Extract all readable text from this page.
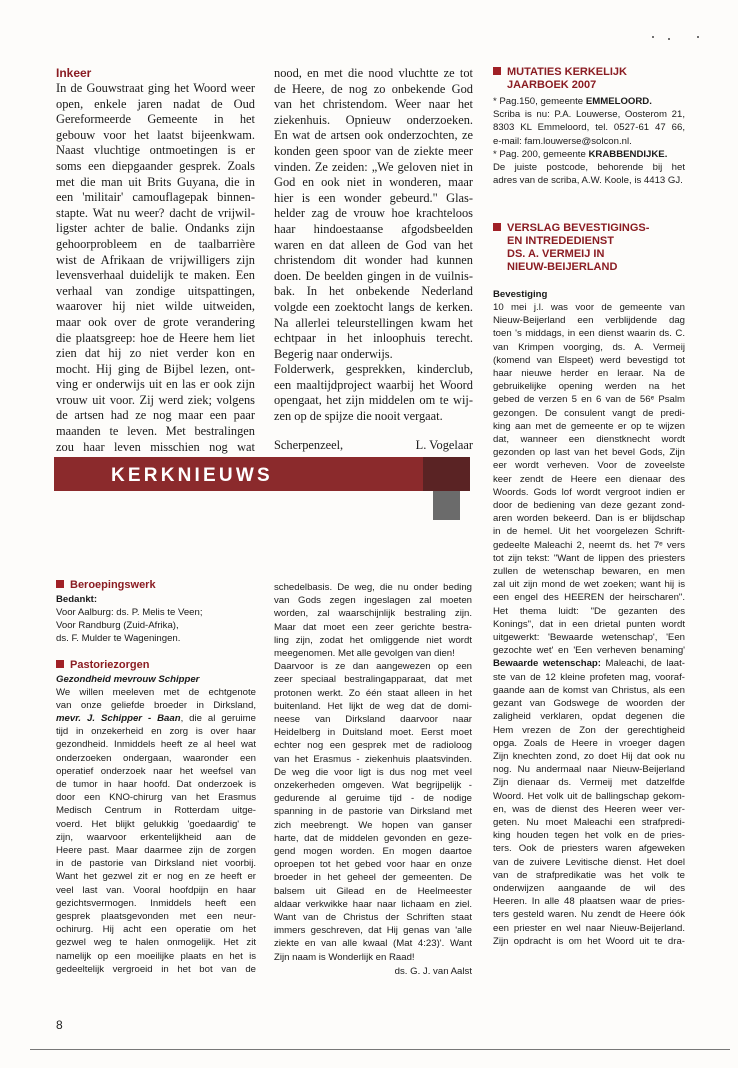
Inkeer
In de Gouwstraat ging het Woord weer
open, enkele jaren nadat de Oud
Gereformeerde Gemeente in het
gebouw voor het laatst bijeenkwam.
Naast vluchtige ontmoetingen is er
soms een diepgaander gesprek. Zoals
met die man uit Brits Guyana, die in
een 'militair' camouflagepak binnen-
stapte. Wat nu weer? dacht de vrijwil-
ligster achter de balie. Ondanks zijn
gehoorprobleem en de taalbarrière
wist de Afrikaan de vrijwilligers zijn
levensverhaal duidelijk te maken. Een
verhaal van zondige uitspattingen,
waarover hij niet wilde uitweiden,
maar ook over de grote verandering
die plaatsgreep: hoe de Heere hem liet
zien dat hij zo niet verder kon en
mocht. Hij ging de Bijbel lezen, ont-
ving er onderwijs uit en las er ook zijn
vrouw uit voor. Zij werd ziek; volgens
de artsen had ze nog maar een paar
maanden te leven. Met bestralingen
zou haar leven misschien nog wat
nood, en met die nood vluchtte ze tot
de Heere, de nog zo onbekende God
van het christendom. Weer naar het
ziekenhuis. Opnieuw onderzoeken.
En wat de artsen ook onderzochten, ze
konden geen spoor van de ziekte meer
vinden. Ze zeiden: „We geloven niet in
God en ook niet in wonderen, maar
hier is een wonder gebeurd." Glas-
helder zag de vrouw hoe krachteloos
haar hindoestaanse afgodsbeelden
waren en dat alleen de God van het
christendom dit wonder had kunnen
doen. De beelden gingen in de vuilnis-
bak. In het onbekende Nederland
volgde een zoektocht langs de kerken.
Na allerlei teleurstellingen kwam het
echtpaar in het inloophuis terecht.
Begerig naar onderwijs.
Folderwerk, gesprekken, kinderclub,
een maaltijdproject waarbij het Woord
opengaat, het zijn middelen om te wij-
zen op de spijze die nooit vergaat.
Scherpenzeel,	L. Vogelaar
MUTATIES KERKELIJK
JAARBOEK 2007
* Pag.150, gemeente EMMELOORD.
Scriba is nu: P.A. Louwerse, Oosterom 21,
8303 KL Emmeloord, tel. 0527-61 47 66,
e-mail: fam.louwerse@solcon.nl.
* Pag. 200, gemeente KRABBENDIJKE.
De juiste postcode, behorende bij het
adres van de scriba, A.W. Koole, is 4413 GJ.
VERSLAG BEVESTIGINGS-
EN INTREDEDIENST
DS. A. VERMEIJ IN
NIEUW-BEIJERLAND
Bevestiging
10 mei j.l. was voor de gemeente van
Nieuw-Beijerland een verblijdende dag
toen 's middags, in een dienst waarin ds. C.
van Krimpen voorging, ds. A. Vermeij
(komend van Elspeet) werd bevestigd tot
haar nieuwe herder en leraar. Na de
gebruikelijke opening werden na het
gebed de verzen 5 en 6 van de 56ᵉ Psalm
gezongen. De consulent vangt de predi-
king aan met de gemeente er op te wijzen
dat, wanneer een dienstknecht wordt
gezonden op last van het bevel Gods, Zijn
eer wordt verheven. Voor de zoveelste
keer zendt de Heere een dienaar des
Woords. Gods lof wordt vergroot indien er
door de bediening van deze gezant zond-
aren worden bekeerd. Dan is er blijdschap
in de hemel. Uit het voorgelezen Schrift-
gedeelte Maleachi 2, neemt ds. het 7ᵉ vers
tot zijn tekst: "Want de lippen des priesters
zullen de wetenschap bewaren, en men
zal uit zijn mond de wet zoeken; want hij is
een engel des HEEREN der heirscharen".
Het thema luidt: "De gezanten des
Konings", dat in een drietal punten wordt
uitgewerkt: 'Bewaarde wetenschap', 'Een
gezochte wet' en 'Een verheven benaming'
Bewaarde wetenschap: Maleachi, de laat-
ste van de 12 kleine profeten mag, vooraf-
gaande aan de komst van Christus, als een
gezant van Godswege de woorden der
zaligheid verklaren, opdat degenen die
Hem vrezen de Zon der gerechtigheid
opga. Zoals de Heere in vroeger dagen
Zijn knechten zond, zo doet Hij dat ook nu
nog. Nu andermaal naar Nieuw-Beijerland
Zijn dienaar ds. Vermeij met datzelfde
Woord. Het volk uit de ballingschap gekom-
en, was de dienst des Heeren weer ver-
geten. Nu moet Maleachi een strafpredi-
king houden tegen het volk en de pries-
ters. Ook de priesters waren afgeweken
van de zuivere Levitische dienst. Het doel
van de strafpredikatie was het volk te
onderwijzen aangaande de wil des
Heeren. In alle 48 plaatsen waar de pries-
ters gesteld waren. Nu zendt de Heere óók
een priester en wel naar Nieuw-Beijerland.
Zijn opdracht is om het Woord uit te dra-
KERKNIEUWS
Beroepingswerk
Bedankt:
Voor Aalburg: ds. P. Melis te Veen;
Voor Randburg (Zuid-Afrika),
ds. F. Mulder te Wageningen.
Pastoriezorgen
Gezondheid mevrouw Schipper
We willen meeleven met de echtgenote
van onze geliefde broeder in Dirksland,
mevr. J. Schipper - Baan, die al geruime
tijd in onzekerheid en zorg is over haar
gezondheid. Inmiddels heeft ze al heel wat
onderzoeken ondergaan, waaronder een
operatief onderzoek naar het weefsel van
de tumor in haar hoofd. Dat onderzoek is
door een KNO-chirurg van het Erasmus
Medisch Centrum in Rotterdam uitge-
voerd. Het blijkt gelukkig 'goedaardig' te
zijn, waarvoor erkentelijkheid aan de
Heere past. Maar daarmee zijn de zorgen
in de pastorie van Dirksland niet voorbij.
Want het gezwel zit er nog en ze heeft er
veel last van. Vooral hoofdpijn en haar
gezichtsvermogen. Inmiddels heeft een
gesprek plaatsgevonden met een neur-
ochirurg. Hij acht een operatie om het
gezwel weg te halen onmogelijk. Het zit
namelijk op een moeilijke plaats en het is
gedeeltelijk vergroeid in het bot van de
schedelbasis. De weg, die nu onder beding
van Gods zegen ingeslagen zal moeten
worden, zal waarschijnlijk bestraling zijn.
Maar dat moet een zeer gerichte bestra-
ling zijn, zodat het omliggende niet wordt
meegenomen. Met alle gevolgen van dien!
Daarvoor is ze dan aangewezen op een
zeer speciaal bestralingapparaat, dat met
protonen werkt. Zo één staat alleen in het
buitenland. Het lijkt de weg dat de domi-
neese van Dirksland daarvoor naar
Heidelberg in Duitsland moet. Eerst moet
echter nog een gesprek met de radioloog
van het Erasmus - ziekenhuis plaatsvinden.
De weg die voor ligt is dus nog met veel
onzekerheden omgeven. Wat begrijpelijk -
gedurende al geruime tijd - de nodige
spanning in de pastorie van Dirksland met
zich meebrengt. We hopen van ganser
harte, dat de middelen gevonden en geze-
gend mogen worden. En mogen daartoe
oproepen tot het gebed voor haar en onze
broeder in het geheel der gemeenten. De
balsem uit Gilead en de Heelmeester
aldaar verkwikke haar naar lichaam en ziel.
Want van de Christus der Schriften staat
immers geschreven, dat Hij genas van 'alle
ziekte en van alle kwaal (Mat 4:23)'. Want
Zijn naam is Wonderlijk en Raad!
ds. G. J. van Aalst
8
